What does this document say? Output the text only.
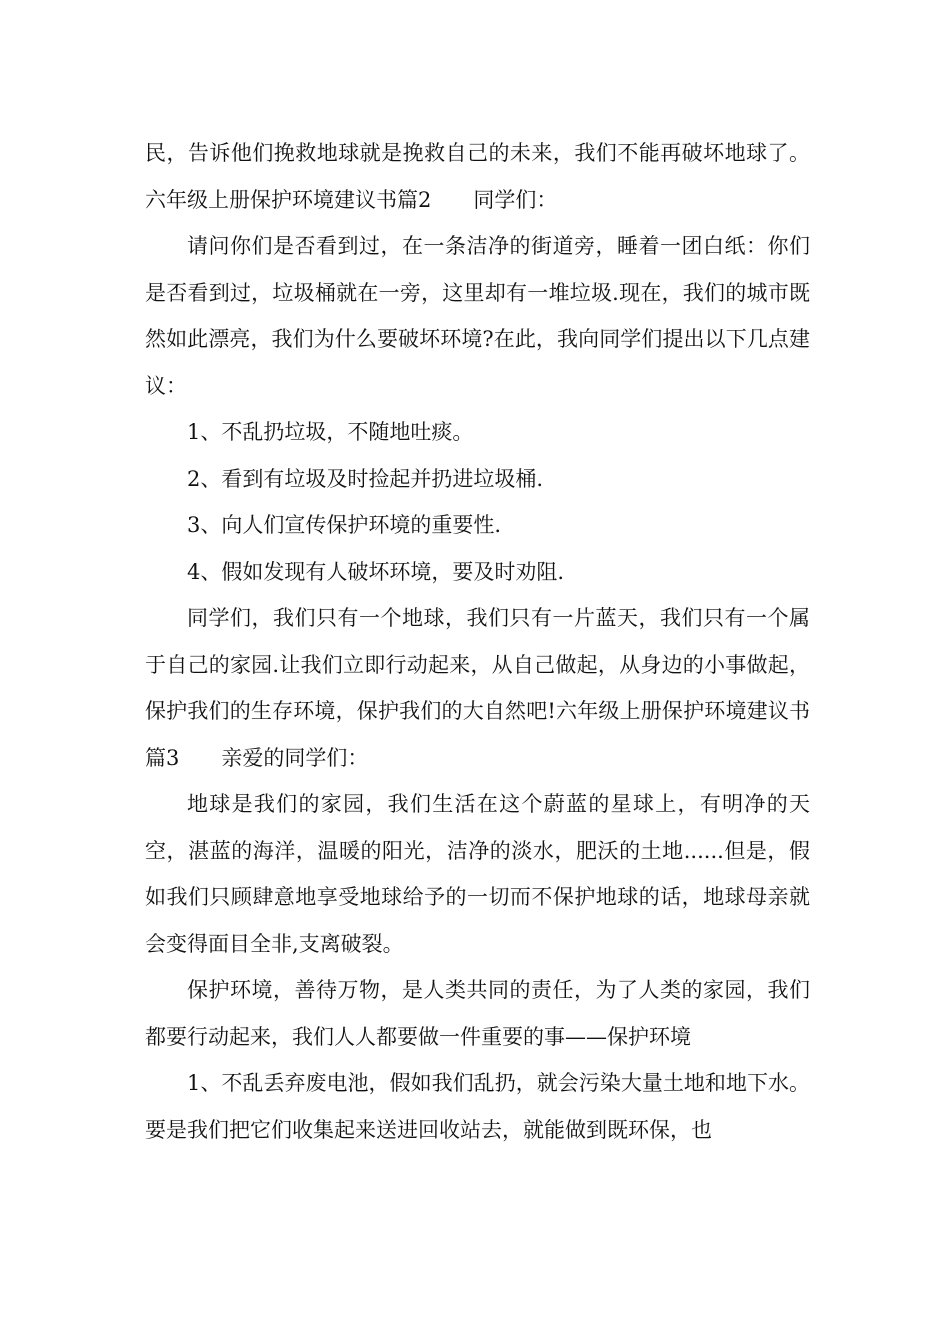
民，告诉他们挽救地球就是挽救自己的未来，我们不能再破坏地球了。六年级上册保护环境建议书篇2　　同学们：

请问你们是否看到过，在一条洁净的街道旁，睡着一团白纸：你们是否看到过，垃圾桶就在一旁，这里却有一堆垃圾.现在，我们的城市既然如此漂亮，我们为什么要破坏环境?在此，我向同学们提出以下几点建议：

1、不乱扔垃圾，不随地吐痰。

2、看到有垃圾及时捡起并扔进垃圾桶.

3、向人们宣传保护环境的重要性.

4、假如发现有人破坏环境，要及时劝阻.

同学们，我们只有一个地球，我们只有一片蓝天，我们只有一个属于自己的家园.让我们立即行动起来，从自己做起，从身边的小事做起，保护我们的生存环境，保护我们的大自然吧!六年级上册保护环境建议书篇3　　亲爱的同学们：

地球是我们的家园，我们生活在这个蔚蓝的星球上，有明净的天空，湛蓝的海洋，温暖的阳光，洁净的淡水，肥沃的土地......但是，假如我们只顾肆意地享受地球给予的一切而不保护地球的话，地球母亲就会变得面目全非,支离破裂。

保护环境，善待万物，是人类共同的责任，为了人类的家园，我们都要行动起来，我们人人都要做一件重要的事——保护环境

1、不乱丢弃废电池，假如我们乱扔，就会污染大量土地和地下水。要是我们把它们收集起来送进回收站去，就能做到既环保，也
